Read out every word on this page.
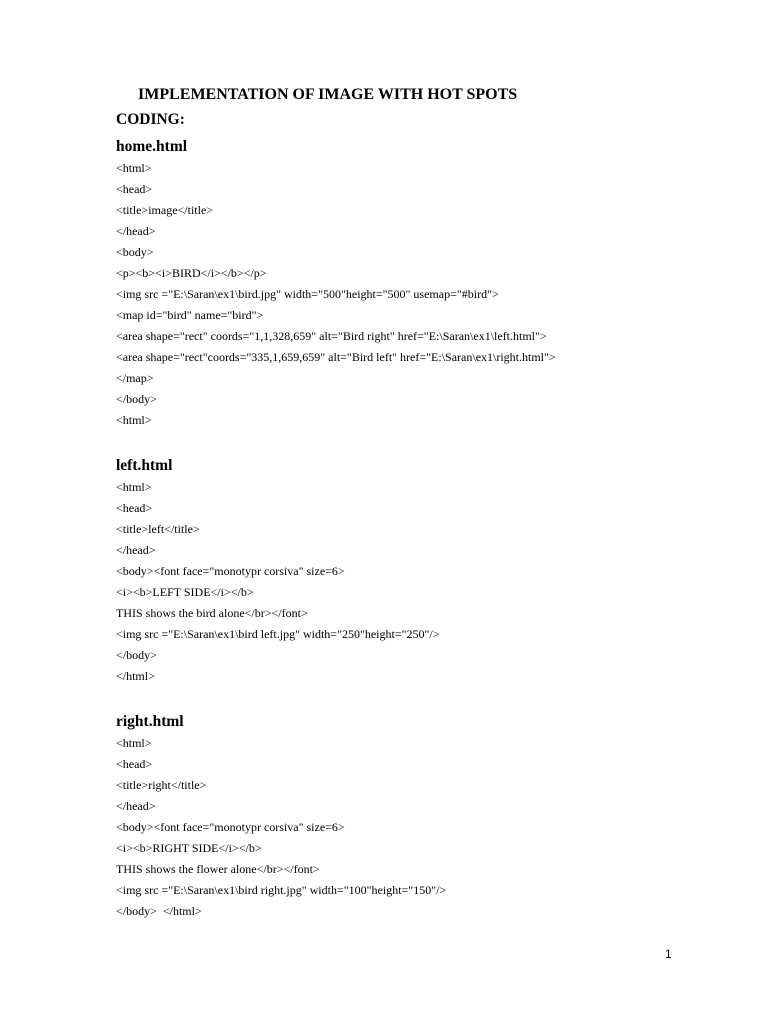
IMPLEMENTATION OF IMAGE WITH HOT SPOTS
CODING:
home.html
<html>
<head>
<title>image</title>
</head>
<body>
<p><b><i>BIRD</i></b></p>
<img src ="E:\Saran\ex1\bird.jpg" width="500"height="500" usemap="#bird">
<map id="bird" name="bird">
<area shape="rect" coords="1,1,328,659" alt="Bird right" href="E:\Saran\ex1\left.html">
<area shape="rect"coords="335,1,659,659" alt="Bird left" href="E:\Saran\ex1\right.html">
</map>
</body>
<html>
left.html
<html>
<head>
<title>left</title>
</head>
<body><font face="monotypr corsiva" size=6>
<i><b>LEFT SIDE</i></b>
THIS shows the bird alone</br></font>
<img src ="E:\Saran\ex1\bird left.jpg" width="250"height="250"/>
</body>
</html>
right.html
<html>
<head>
<title>right</title>
</head>
<body><font face="monotypr corsiva" size=6>
<i><b>RIGHT SIDE</i></b>
THIS shows the flower alone</br></font>
<img src ="E:\Saran\ex1\bird right.jpg" width="100"height="150"/>
</body>  </html>
1
